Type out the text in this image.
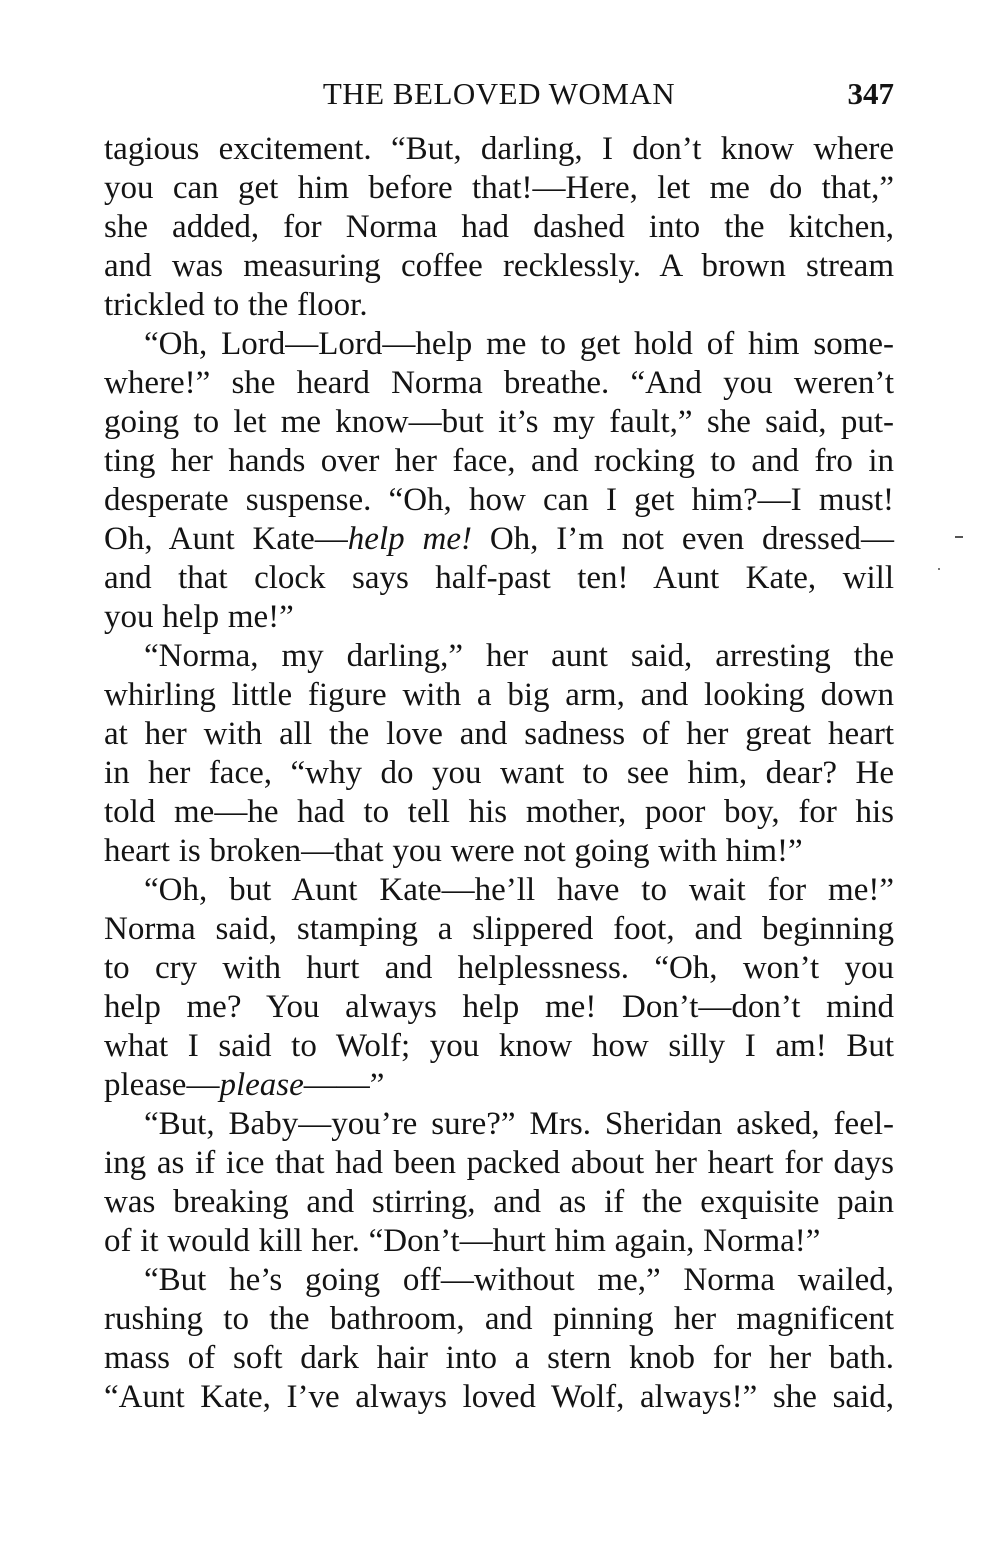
THE BELOVED WOMAN	347

tagious excitement. “But, darling, I don’t know where

you can get him before that!—Here, let me do that,”

she added, for Norma had dashed into the kitchen,

and was measuring coffee recklessly. A brown stream

trickled to the floor.

“Oh, Lord—Lord—help me to get hold of him some-

where!” she heard Norma breathe. “And you weren’t

going to let me know—but it’s my fault,” she said, put-

ting her hands over her face, and rocking to and fro in

desperate suspense. “Oh, how can I get him?—I must!

Oh, Aunt Kate—help me! Oh, I’m not even dressed—

and that clock says half-past ten! Aunt Kate, will

you help me!”

“Norma, my darling,” her aunt said, arresting the

whirling little figure with a big arm, and looking down

at her with all the love and sadness of her great heart

in her face, “why do you want to see him, dear? He

told me—he had to tell his mother, poor boy, for his

heart is broken—that you were not going with him!”

“Oh, but Aunt Kate—he’ll have to wait for me!”

Norma said, stamping a slippered foot, and beginning

to cry with hurt and helplessness. “Oh, won’t you

help me? You always help me! Don’t—don’t mind

what I said to Wolf; you know how silly I am! But

please—please——”

“But, Baby—you’re sure?” Mrs. Sheridan asked, feel-

ing as if ice that had been packed about her heart for days

was breaking and stirring, and as if the exquisite pain

of it would kill her. “Don’t—hurt him again, Norma!”

“But he’s going off—without me,” Norma wailed,

rushing to the bathroom, and pinning her magnificent

mass of soft dark hair into a stern knob for her bath.

“Aunt Kate, I’ve always loved Wolf, always!” she said,
